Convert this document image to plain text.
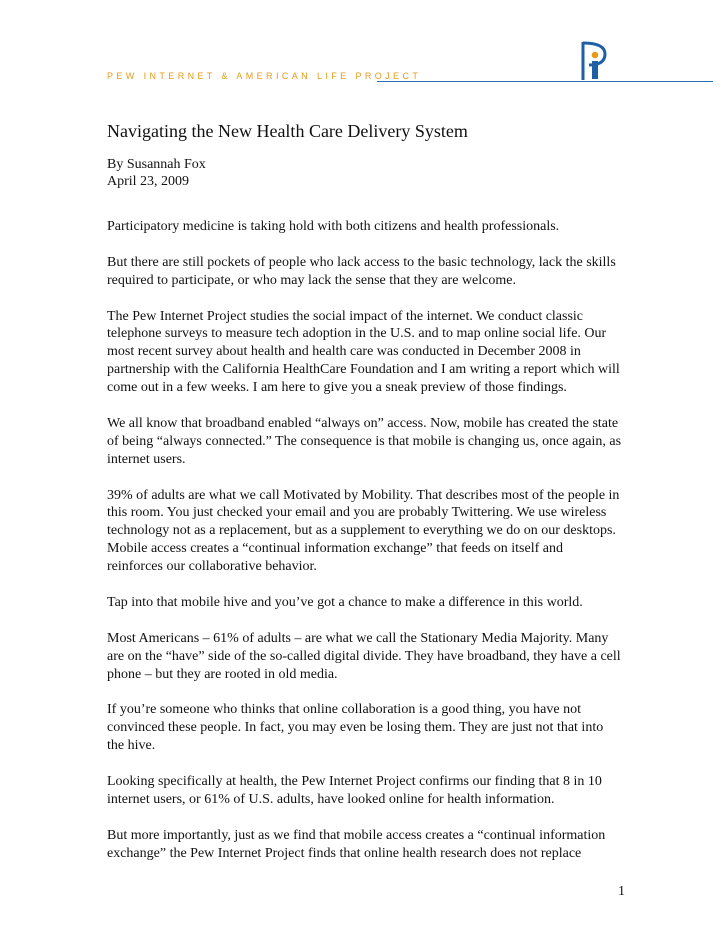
PEW INTERNET & AMERICAN LIFE PROJECT
Navigating the New Health Care Delivery System
By Susannah Fox
April 23, 2009

Participatory medicine is taking hold with both citizens and health professionals.

But there are still pockets of people who lack access to the basic technology, lack the skills required to participate, or who may lack the sense that they are welcome.

The Pew Internet Project studies the social impact of the internet. We conduct classic telephone surveys to measure tech adoption in the U.S. and to map online social life. Our most recent survey about health and health care was conducted in December 2008 in partnership with the California HealthCare Foundation and I am writing a report which will come out in a few weeks. I am here to give you a sneak preview of those findings.

We all know that broadband enabled “always on” access. Now, mobile has created the state of being “always connected.” The consequence is that mobile is changing us, once again, as internet users.

39% of adults are what we call Motivated by Mobility. That describes most of the people in this room. You just checked your email and you are probably Twittering. We use wireless technology not as a replacement, but as a supplement to everything we do on our desktops. Mobile access creates a “continual information exchange” that feeds on itself and reinforces our collaborative behavior.

Tap into that mobile hive and you’ve got a chance to make a difference in this world.

Most Americans – 61% of adults – are what we call the Stationary Media Majority. Many are on the “have” side of the so-called digital divide. They have broadband, they have a cell phone – but they are rooted in old media.

If you’re someone who thinks that online collaboration is a good thing, you have not convinced these people. In fact, you may even be losing them. They are just not that into the hive.

Looking specifically at health, the Pew Internet Project confirms our finding that 8 in 10 internet users, or 61% of U.S. adults, have looked online for health information.

But more importantly, just as we find that mobile access creates a “continual information exchange” the Pew Internet Project finds that online health research does not replace

1
